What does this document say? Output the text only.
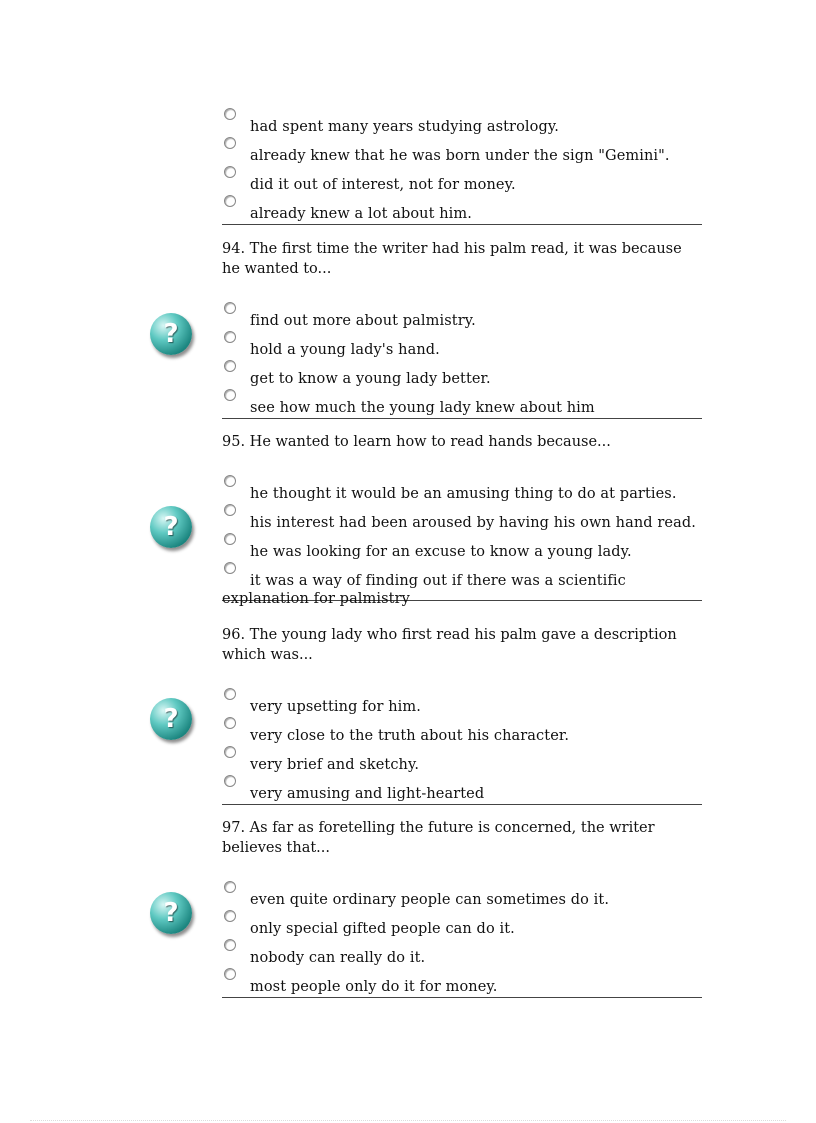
had spent many years studying astrology.
already knew that he was born under the sign "Gemini".
did it out of interest, not for money.
already knew a lot about him.
94. The first time the writer had his palm read, it was because he wanted to...
?	find out more about palmistry.
hold a young lady's hand.
get to know a young lady better.
see how much the young lady knew about him
95. He wanted to learn how to read hands because...
?
he thought it would be an amusing thing to do at parties.
his interest had been aroused by having his own hand read.
he was looking for an excuse to know a young lady.
it was a way of finding out if there was a scientific explanation for palmistry
96. The young lady who first read his palm gave a description which was...
?	very upsetting for him.
very close to the truth about his character.
very brief and sketchy.
very amusing and light-hearted
97. As far as foretelling the future is concerned, the writer believes that...
?	even quite ordinary people can sometimes do it.
only special gifted people can do it.
nobody can really do it.
most people only do it for money.
